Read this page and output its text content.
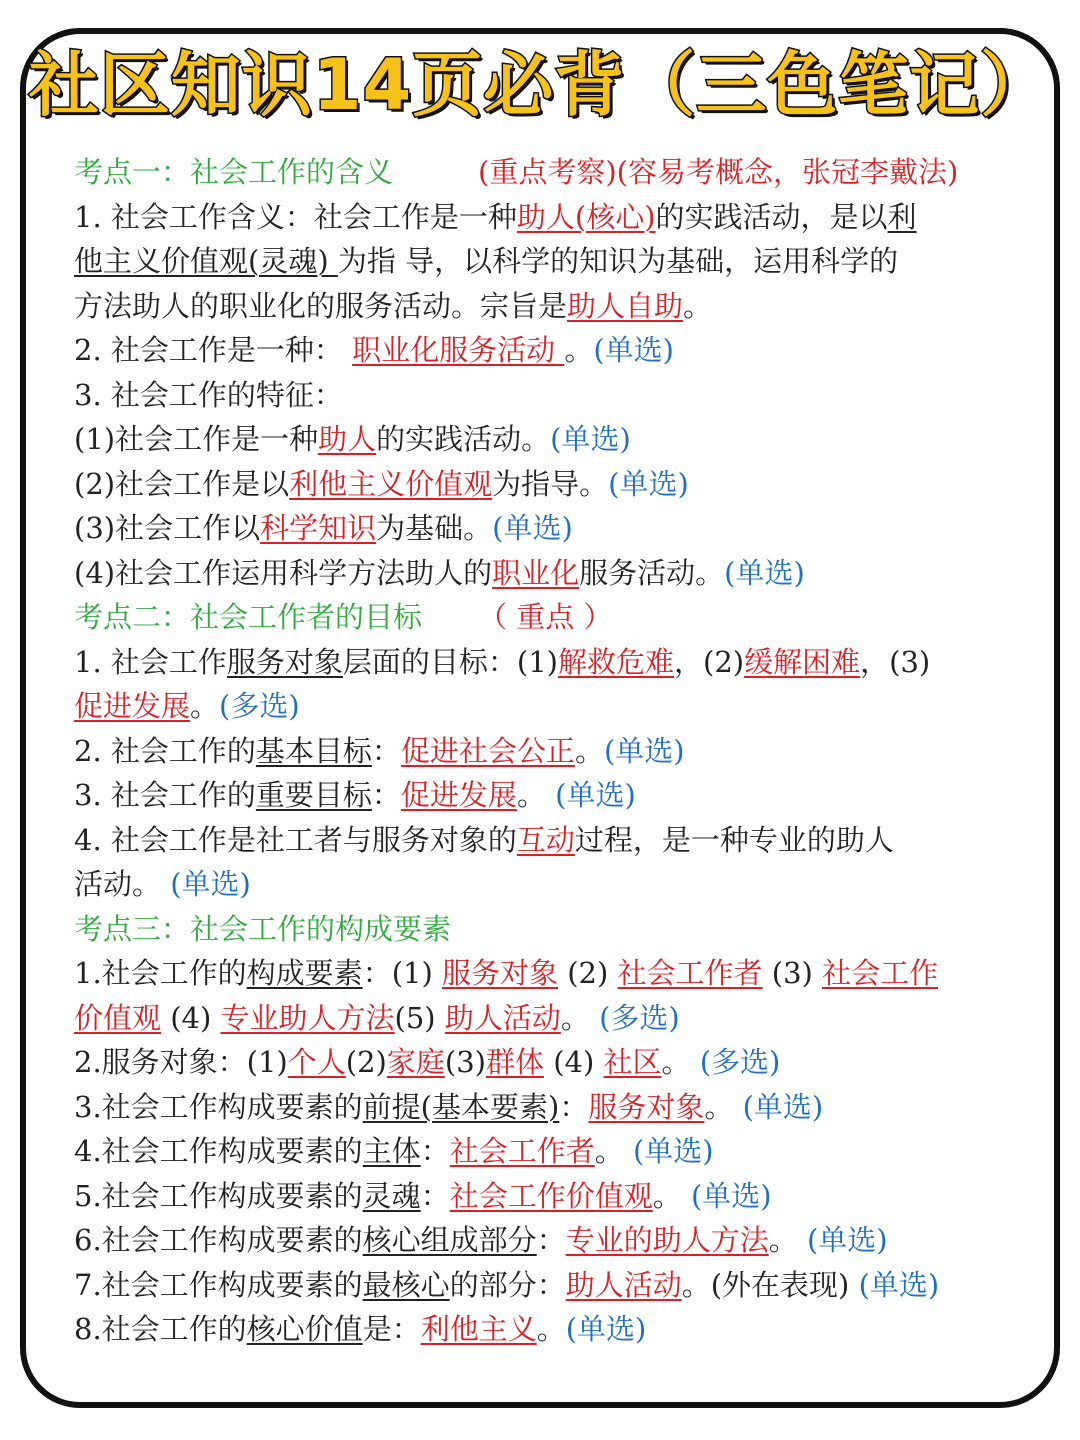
社区知识14页必背（三色笔记）
考点一：社会工作的含义	(重点考察)(容易考概念，张冠李戴法)
1. 社会工作含义：社会工作是一种助人(核心)的实践活动，是以利
他主义价值观(灵魂) 为指 导，以科学的知识为基础，运用科学的
方法助人的职业化的服务活动。宗旨是助人自助。
2. 社会工作是一种： 职业化服务活动 。(单选)
3. 社会工作的特征：
(1)社会工作是一种助人的实践活动。(单选)
(2)社会工作是以利他主义价值观为指导。(单选)
(3)社会工作以科学知识为基础。(单选)
(4)社会工作运用科学方法助人的职业化服务活动。(单选)
考点二：社会工作者的目标 （ 重点 ）
1. 社会工作服务对象层面的目标：(1)解救危难，(2)缓解困难，(3)
促进发展。(多选)
2. 社会工作的基本目标：促进社会公正。(单选)
3. 社会工作的重要目标：促进发展。 (单选)
4. 社会工作是社工者与服务对象的互动过程，是一种专业的助人
活动。 (单选)
考点三：社会工作的构成要素
1.社会工作的构成要素：(1) 服务对象 (2) 社会工作者 (3) 社会工作
价值观 (4) 专业助人方法(5) 助人活动。 (多选)
2.服务对象：(1)个人(2)家庭(3)群体 (4) 社区。 (多选)
3.社会工作构成要素的前提(基本要素)：服务对象。 (单选)
4.社会工作构成要素的主体：社会工作者。 (单选)
5.社会工作构成要素的灵魂：社会工作价值观。 (单选)
6.社会工作构成要素的核心组成部分：专业的助人方法。 (单选)
7.社会工作构成要素的最核心的部分：助人活动。(外在表现) (单选)
8.社会工作的核心价值是：利他主义。(单选)
